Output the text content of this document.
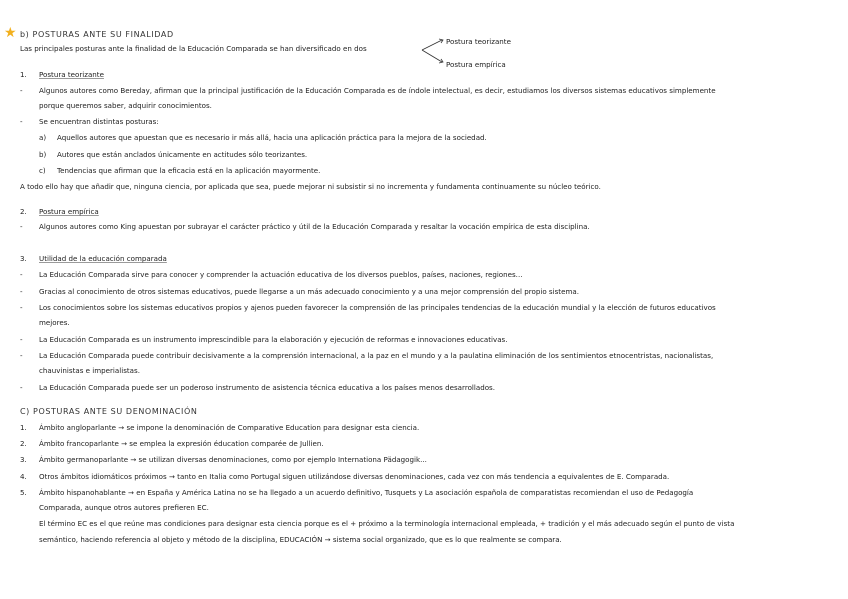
★ b) POSTURAS ANTE SU FINALIDAD
Las principales posturas ante la finalidad de la Educación Comparada se han diversificado en dos
Postura teorizante
Postura empírica
1. Postura teorizante
- Algunos autores como Bereday, afirman que la principal justificación de la Educación Comparada es de índole intelectual, es decir, estudiamos los diversos sistemas educativos simplemente
porque queremos saber, adquirir conocimientos.
- Se encuentran distintas posturas:
a) Aquellos autores que apuestan que es necesario ir más allá, hacia una aplicación práctica para la mejora de la sociedad.
b) Autores que están anclados únicamente en actitudes sólo teorizantes.
c) Tendencias que afirman que la eficacia está en la aplicación mayormente.
A todo ello hay que añadir que, ninguna ciencia, por aplicada que sea, puede mejorar ni subsistir si no incrementa y fundamenta continuamente su núcleo teórico.
2. Postura empírica
- Algunos autores como King apuestan por subrayar el carácter práctico y útil de la Educación Comparada y resaltar la vocación empírica de esta disciplina.
3. Utilidad de la educación comparada
- La Educación Comparada sirve para conocer y comprender la actuación educativa de los diversos pueblos, países, naciones, regiones...
- Gracias al conocimiento de otros sistemas educativos, puede llegarse a un más adecuado conocimiento y a una mejor comprensión del propio sistema.
- Los conocimientos sobre los sistemas educativos propios y ajenos pueden favorecer la comprensión de las principales tendencias de la educación mundial y la elección de futuros educativos
mejores.
- La Educación Comparada es un instrumento imprescindible para la elaboración y ejecución de reformas e innovaciones educativas.
- La Educación Comparada puede contribuir decisivamente a la comprensión internacional, a la paz en el mundo y a la paulatina eliminación de los sentimientos etnocentristas, nacionalistas,
chauvinistas e imperialistas.
- La Educación Comparada puede ser un poderoso instrumento de asistencia técnica educativa a los países menos desarrollados.
C) POSTURAS ANTE SU DENOMINACIÓN
1. Ámbito angloparlante → se impone la denominación de Comparative Education para designar esta ciencia.
2. Ámbito francoparlante → se emplea la expresión éducation comparée de Jullien.
3. Ámbito germanoparlante → se utilizan diversas denominaciones, como por ejemplo Internationa Pädagogik...
4. Otros ámbitos idiomáticos próximos → tanto en Italia como Portugal siguen utilizándose diversas denominaciones, cada vez con más tendencia a equivalentes de E. Comparada.
5. Ámbito hispanohablante → en España y América Latina no se ha llegado a un acuerdo definitivo, Tusquets y La asociación española de comparatistas recomiendan el uso de Pedagogía
Comparada, aunque otros autores prefieren EC.
El término EC es el que reúne mas condiciones para designar esta ciencia porque es el + próximo a la terminología internacional empleada, + tradición y el más adecuado según el punto de vista
semántico, haciendo referencia al objeto y método de la disciplina, EDUCACIÓN → sistema social organizado, que es lo que realmente se compara.
